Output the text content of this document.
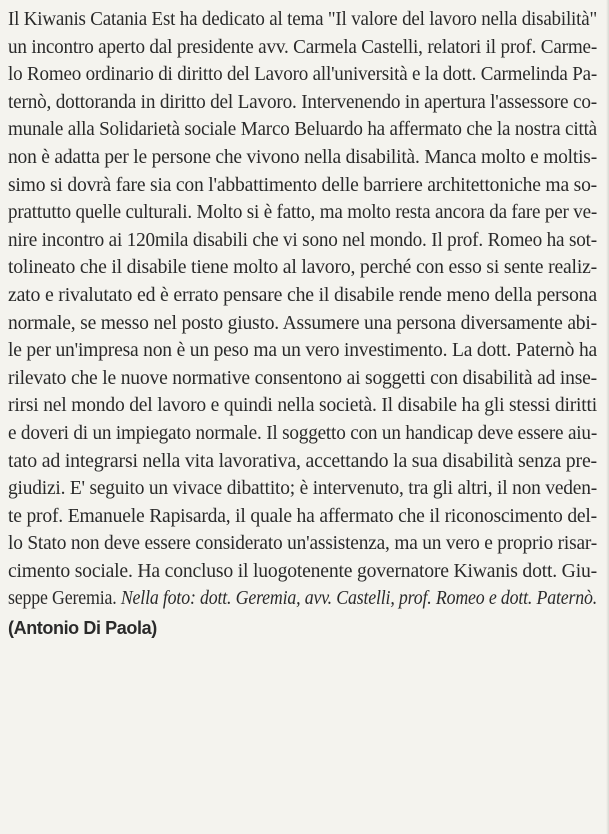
Il Kiwanis Catania Est ha dedicato al tema "Il valore del lavoro nella disabilità"
un incontro aperto dal presidente avv. Carmela Castelli, relatori il prof. Carme-
lo Romeo ordinario di diritto del Lavoro all'università e la dott. Carmelinda Pa-
ternò, dottoranda in diritto del Lavoro. Intervenendo in apertura l'assessore co-
munale alla Solidarietà sociale Marco Beluardo ha affermato che la nostra città
non è adatta per le persone che vivono nella disabilità. Manca molto e moltis-
simo si dovrà fare sia con l'abbattimento delle barriere architettoniche ma so-
prattutto quelle culturali. Molto si è fatto, ma molto resta ancora da fare per ve-
nire incontro ai 120mila disabili che vi sono nel mondo. Il prof. Romeo ha sot-
tolineato che il disabile tiene molto al lavoro, perché con esso si sente realiz-
zato e rivalutato ed è errato pensare che il disabile rende meno della persona
normale, se messo nel posto giusto. Assumere una persona diversamente abi-
le per un'impresa non è un peso ma un vero investimento. La dott. Paternò ha
rilevato che le nuove normative consentono ai soggetti con disabilità ad inse-
rirsi nel mondo del lavoro e quindi nella società. Il disabile ha gli stessi diritti
e doveri di un impiegato normale. Il soggetto con un handicap deve essere aiu-
tato ad integrarsi nella vita lavorativa, accettando la sua disabilità senza pre-
giudizi. E' seguito un vivace dibattito; è intervenuto, tra gli altri, il non veden-
te prof. Emanuele Rapisarda, il quale ha affermato che il riconoscimento del-
lo Stato non deve essere considerato un'assistenza, ma un vero e proprio risar-
cimento sociale. Ha concluso il luogotenente governatore Kiwanis dott. Giu-
seppe Geremia. Nella foto: dott. Geremia, avv. Castelli, prof. Romeo e dott. Paternò.
(Antonio Di Paola)
